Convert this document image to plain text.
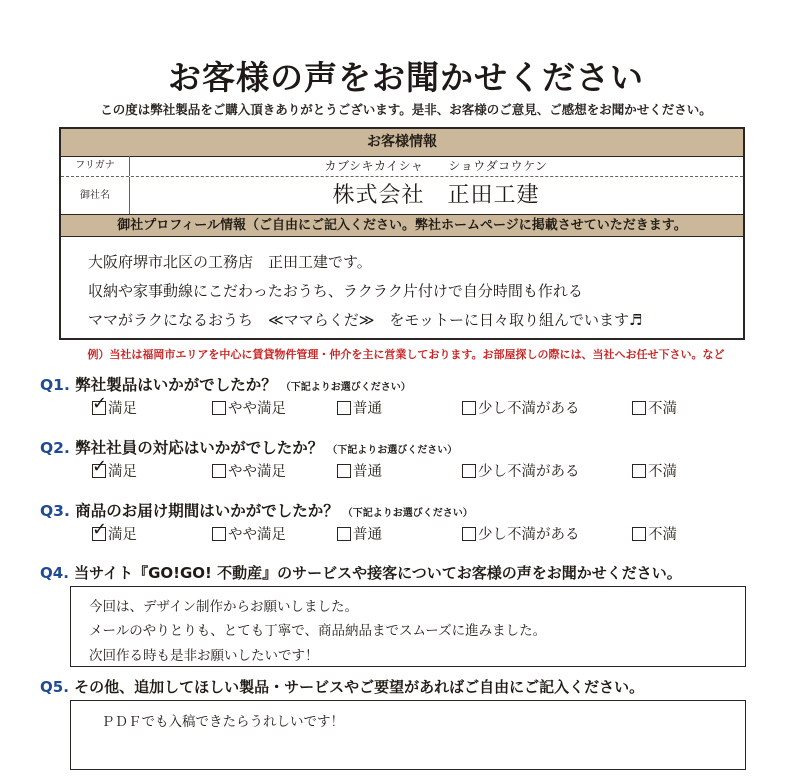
お客様の声をお聞かせください
この度は弊社製品をご購入頂きありがとうございます。是非、お客様のご意見、ご感想をお聞かせください。
お客様情報
フリガナ	カブシキカイシャ　　ショウダコウケン
御社名	株式会社　正田工建
御社プロフィール情報（ご自由にご記入ください。弊社ホームページに掲載させていただきます。
大阪府堺市北区の工務店　正田工建です。
収納や家事動線にこだわったおうち、ラクラク片付けで自分時間も作れる
ママがラクになるおうち　≪ママらくだ≫　をモットーに日々取り組んでいます♬
例）当社は福岡市エリアを中心に賃貸物件管理・仲介を主に営業しております。お部屋探しの際には、当社へお任せ下さい。など
Q1. 弊社製品はいかがでしたか？ （下記よりお選びください）
✓ 満足	やや満足	普通	少し不満がある	不満
Q2. 弊社社員の対応はいかがでしたか？ （下記よりお選びください）
✓ 満足	やや満足	普通	少し不満がある	不満
Q3. 商品のお届け期間はいかがでしたか？ （下記よりお選びください）
✓ 満足	やや満足	普通	少し不満がある	不満
Q4. 当サイト『GO!GO! 不動産』のサービスや接客についてお客様の声をお聞かせください。
今回は、デザイン制作からお願いしました。
メールのやりとりも、とても丁寧で、商品納品までスムーズに進みました。
次回作る時も是非お願いしたいです！
Q5. その他、追加してほしい製品・サービスやご要望があればご自由にご記入ください。
ＰＤＦでも入稿できたらうれしいです！
